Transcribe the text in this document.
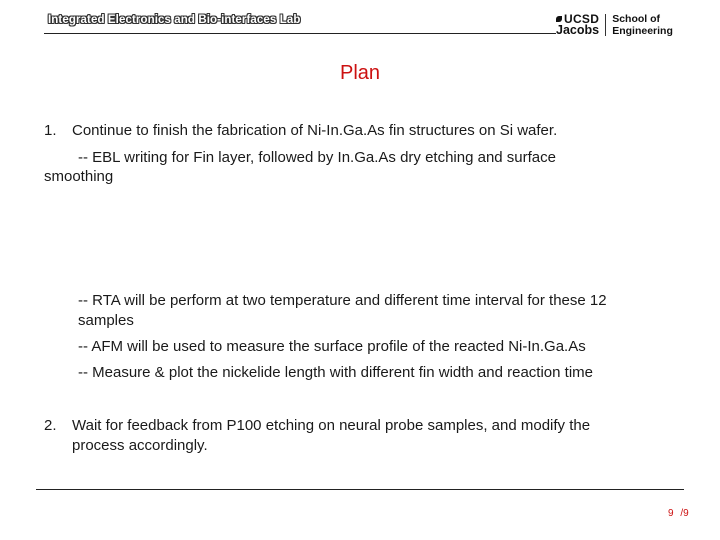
Integrated Electronics and Bio-interfaces Lab	UCSD
Jacobs
School of
Engineering
Plan
1. Continue to finish the fabrication of Ni-In.Ga.As fin structures on Si wafer.
-- EBL writing for Fin layer, followed by In.Ga.As dry etching and surface
smoothing
-- RTA will be perform at two temperature and different time interval for these 12
samples
-- AFM will be used to measure the surface profile of the reacted Ni-In.Ga.As
-- Measure & plot the nickelide length with different fin width and reaction time
2. Wait for feedback from P100 etching on neural probe samples, and modify the
process accordingly.
9 /9
